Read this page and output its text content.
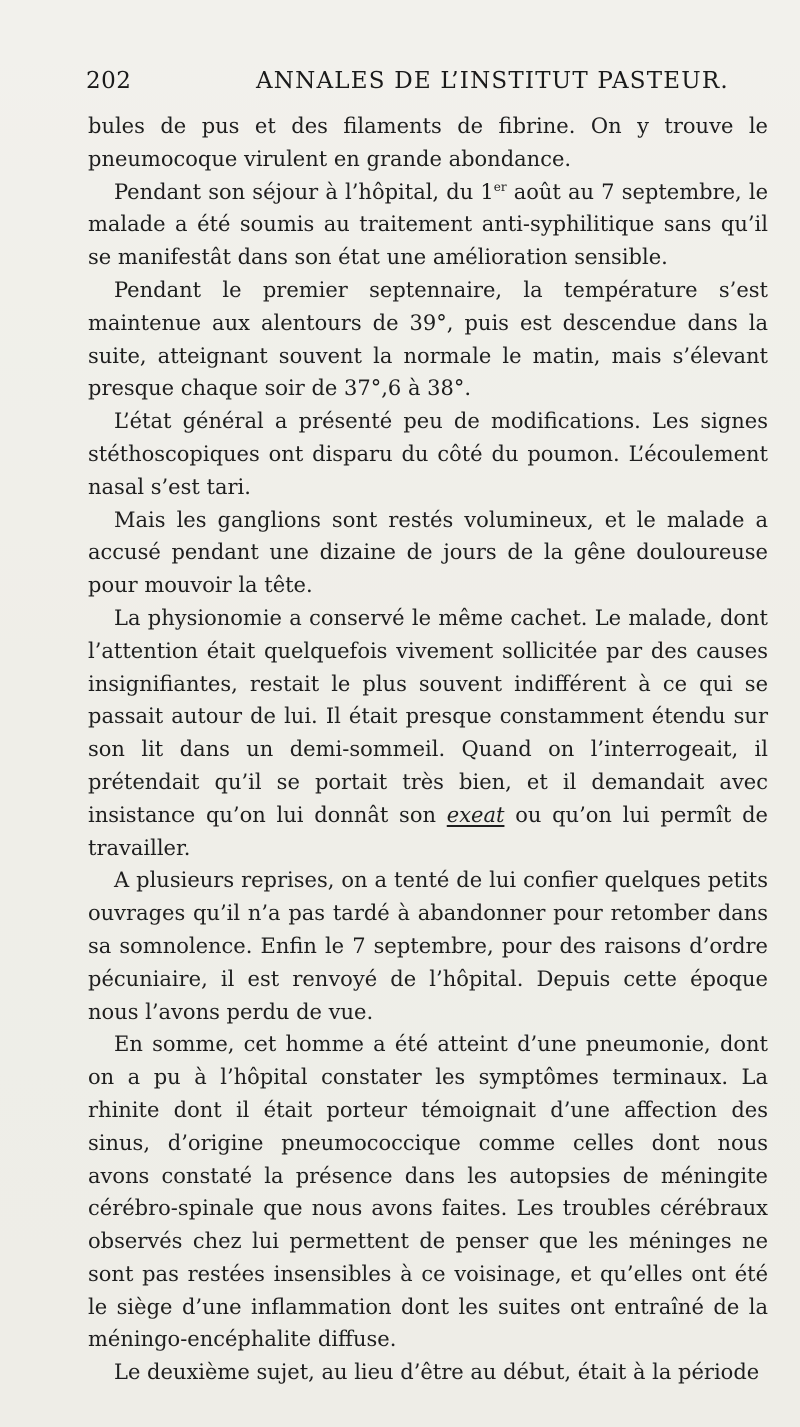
202	ANNALES DE L’INSTITUT PASTEUR.

bules de pus et des filaments de fibrine. On y trouve le pneumocoque virulent en grande abondance.

Pendant son séjour à l’hôpital, du 1er août au 7 septembre, le malade a été soumis au traitement anti-syphilitique sans qu’il se manifestât dans son état une amélioration sensible.

Pendant le premier septennaire, la température s’est maintenue aux alentours de 39°, puis est descendue dans la suite, atteignant souvent la normale le matin, mais s’élevant presque chaque soir de 37°,6 à 38°.

L’état général a présenté peu de modifications. Les signes stéthoscopiques ont disparu du côté du poumon. L’écoulement nasal s’est tari.

Mais les ganglions sont restés volumineux, et le malade a accusé pendant une dizaine de jours de la gêne douloureuse pour mouvoir la tête.

La physionomie a conservé le même cachet. Le malade, dont l’attention était quelquefois vivement sollicitée par des causes insignifiantes, restait le plus souvent indifférent à ce qui se passait autour de lui. Il était presque constamment étendu sur son lit dans un demi-sommeil. Quand on l’interrogeait, il prétendait qu’il se portait très bien, et il demandait avec insistance qu’on lui donnât son exeat ou qu’on lui permît de travailler.

A plusieurs reprises, on a tenté de lui confier quelques petits ouvrages qu’il n’a pas tardé à abandonner pour retomber dans sa somnolence. Enfin le 7 septembre, pour des raisons d’ordre pécuniaire, il est renvoyé de l’hôpital. Depuis cette époque nous l’avons perdu de vue.

En somme, cet homme a été atteint d’une pneumonie, dont on a pu à l’hôpital constater les symptômes terminaux. La rhinite dont il était porteur témoignait d’une affection des sinus, d’origine pneumococcique comme celles dont nous avons constaté la présence dans les autopsies de méningite cérébro-spinale que nous avons faites. Les troubles cérébraux observés chez lui permettent de penser que les méninges ne sont pas restées insensibles à ce voisinage, et qu’elles ont été le siège d’une inflammation dont les suites ont entraîné de la méningo-encéphalite diffuse.

Le deuxième sujet, au lieu d’être au début, était à la période
